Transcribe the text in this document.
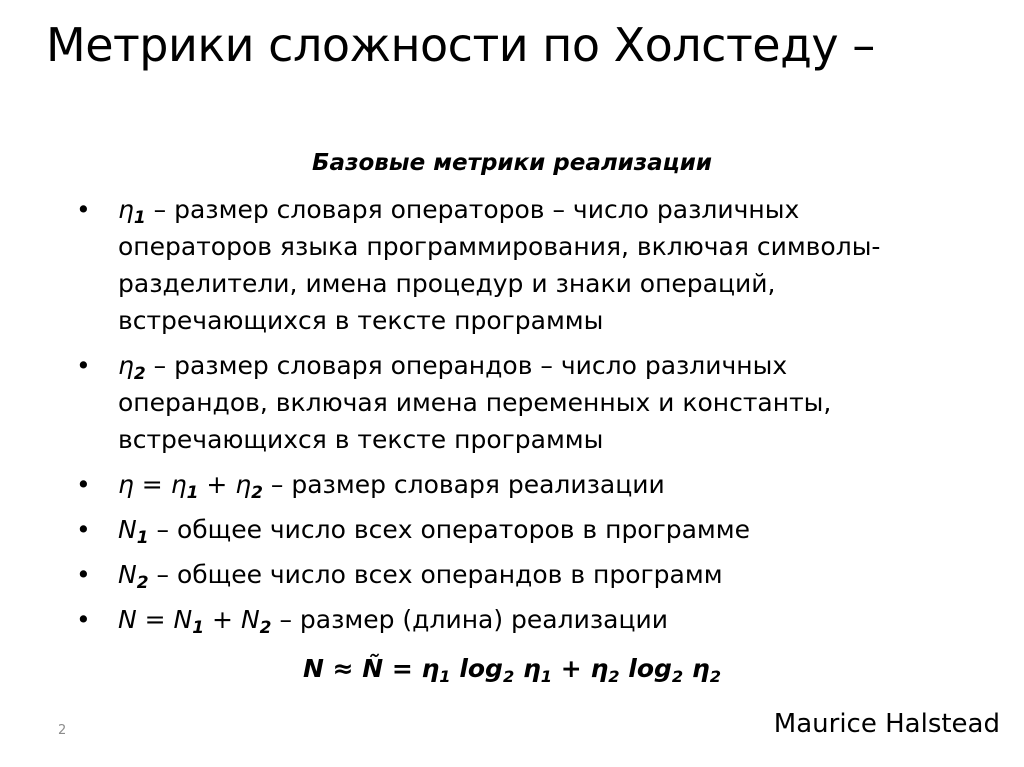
Метрики сложности по Холстеду –
Базовые метрики реализации
• $\eta_1$ – размер словаря операторов – число различных
операторов языка программирования, включая символы-
разделители, имена процедур и знаки операций,
встречающихся в тексте программы
• $\eta_2$ – размер словаря операндов – число различных
операндов, включая имена переменных и константы,
встречающихся в тексте программы
• $\eta = \eta_1 + \eta_2$ – размер словаря реализации
• $N_1$ – общее число всех операторов в программе
• $N_2$ – общее число всех операндов в программ
• $N = N_1 + N_2$ – размер (длина) реализации
N ≈ Ñ = $\eta_1$ $\log_2 \eta_1 + \eta_2$ $\log_2 \eta_2$
Maurice Halstead
2
